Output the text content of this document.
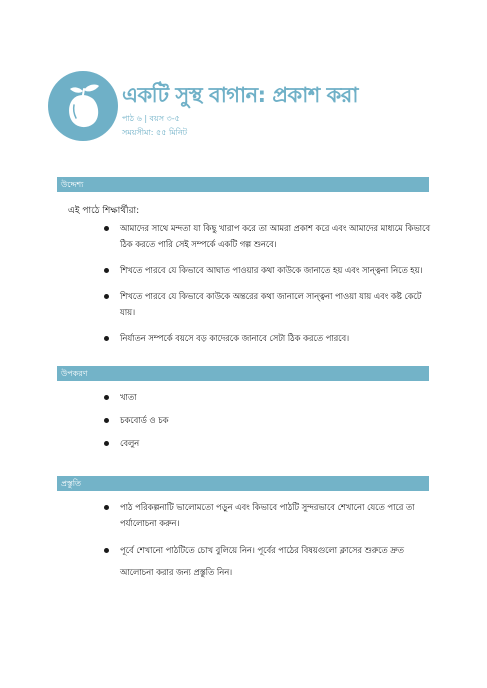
একটি সুস্থ বাগান: প্রকাশ করা
পাঠ ৬ | বয়স ৩-৫
সময়সীমা: ৫৫ মিনিট
উদ্দেশ্য
এই পাঠে শিক্ষার্থীরা:
আমাদের সাথে মন্দতা যা কিছু খারাপ করে তা আমরা প্রকাশ করে এবং আমাদের মাধ্যমে কিভাবে ঠিক করতে পারি সেই সম্পর্কে একটি গল্প শুনবে।
শিখতে পারবে যে কিভাবে আঘাত পাওয়ার কথা কাউকে জানাতে হয় এবং সান্ত্বনা নিতে হয়।
শিখতে পারবে যে কিভাবে কাউকে অন্তরের কথা জানালে সান্ত্বনা পাওয়া যায় এবং কষ্ট কেটে যায়।
নির্যাতন সম্পর্কে বয়সে বড় কাদেরকে জানাবে সেটা ঠিক করতে পারবে।
উপকরণ
খাতা
চকবোর্ড ও চক
বেলুন
প্রস্তুতি
পাঠ পরিকল্পনাটি ভালোমতো পড়ুন এবং কিভাবে পাঠটি সুন্দরভাবে শেখানো যেতে পারে তা পর্যালোচনা করুন।
পূর্বে শেখানো পাঠটিতে চোখ বুলিয়ে নিন। পূর্বের পাঠের বিষয়গুলো ক্লাসের শুরুতে দ্রুত আলোচনা করার জন্য প্রস্তুতি নিন।
